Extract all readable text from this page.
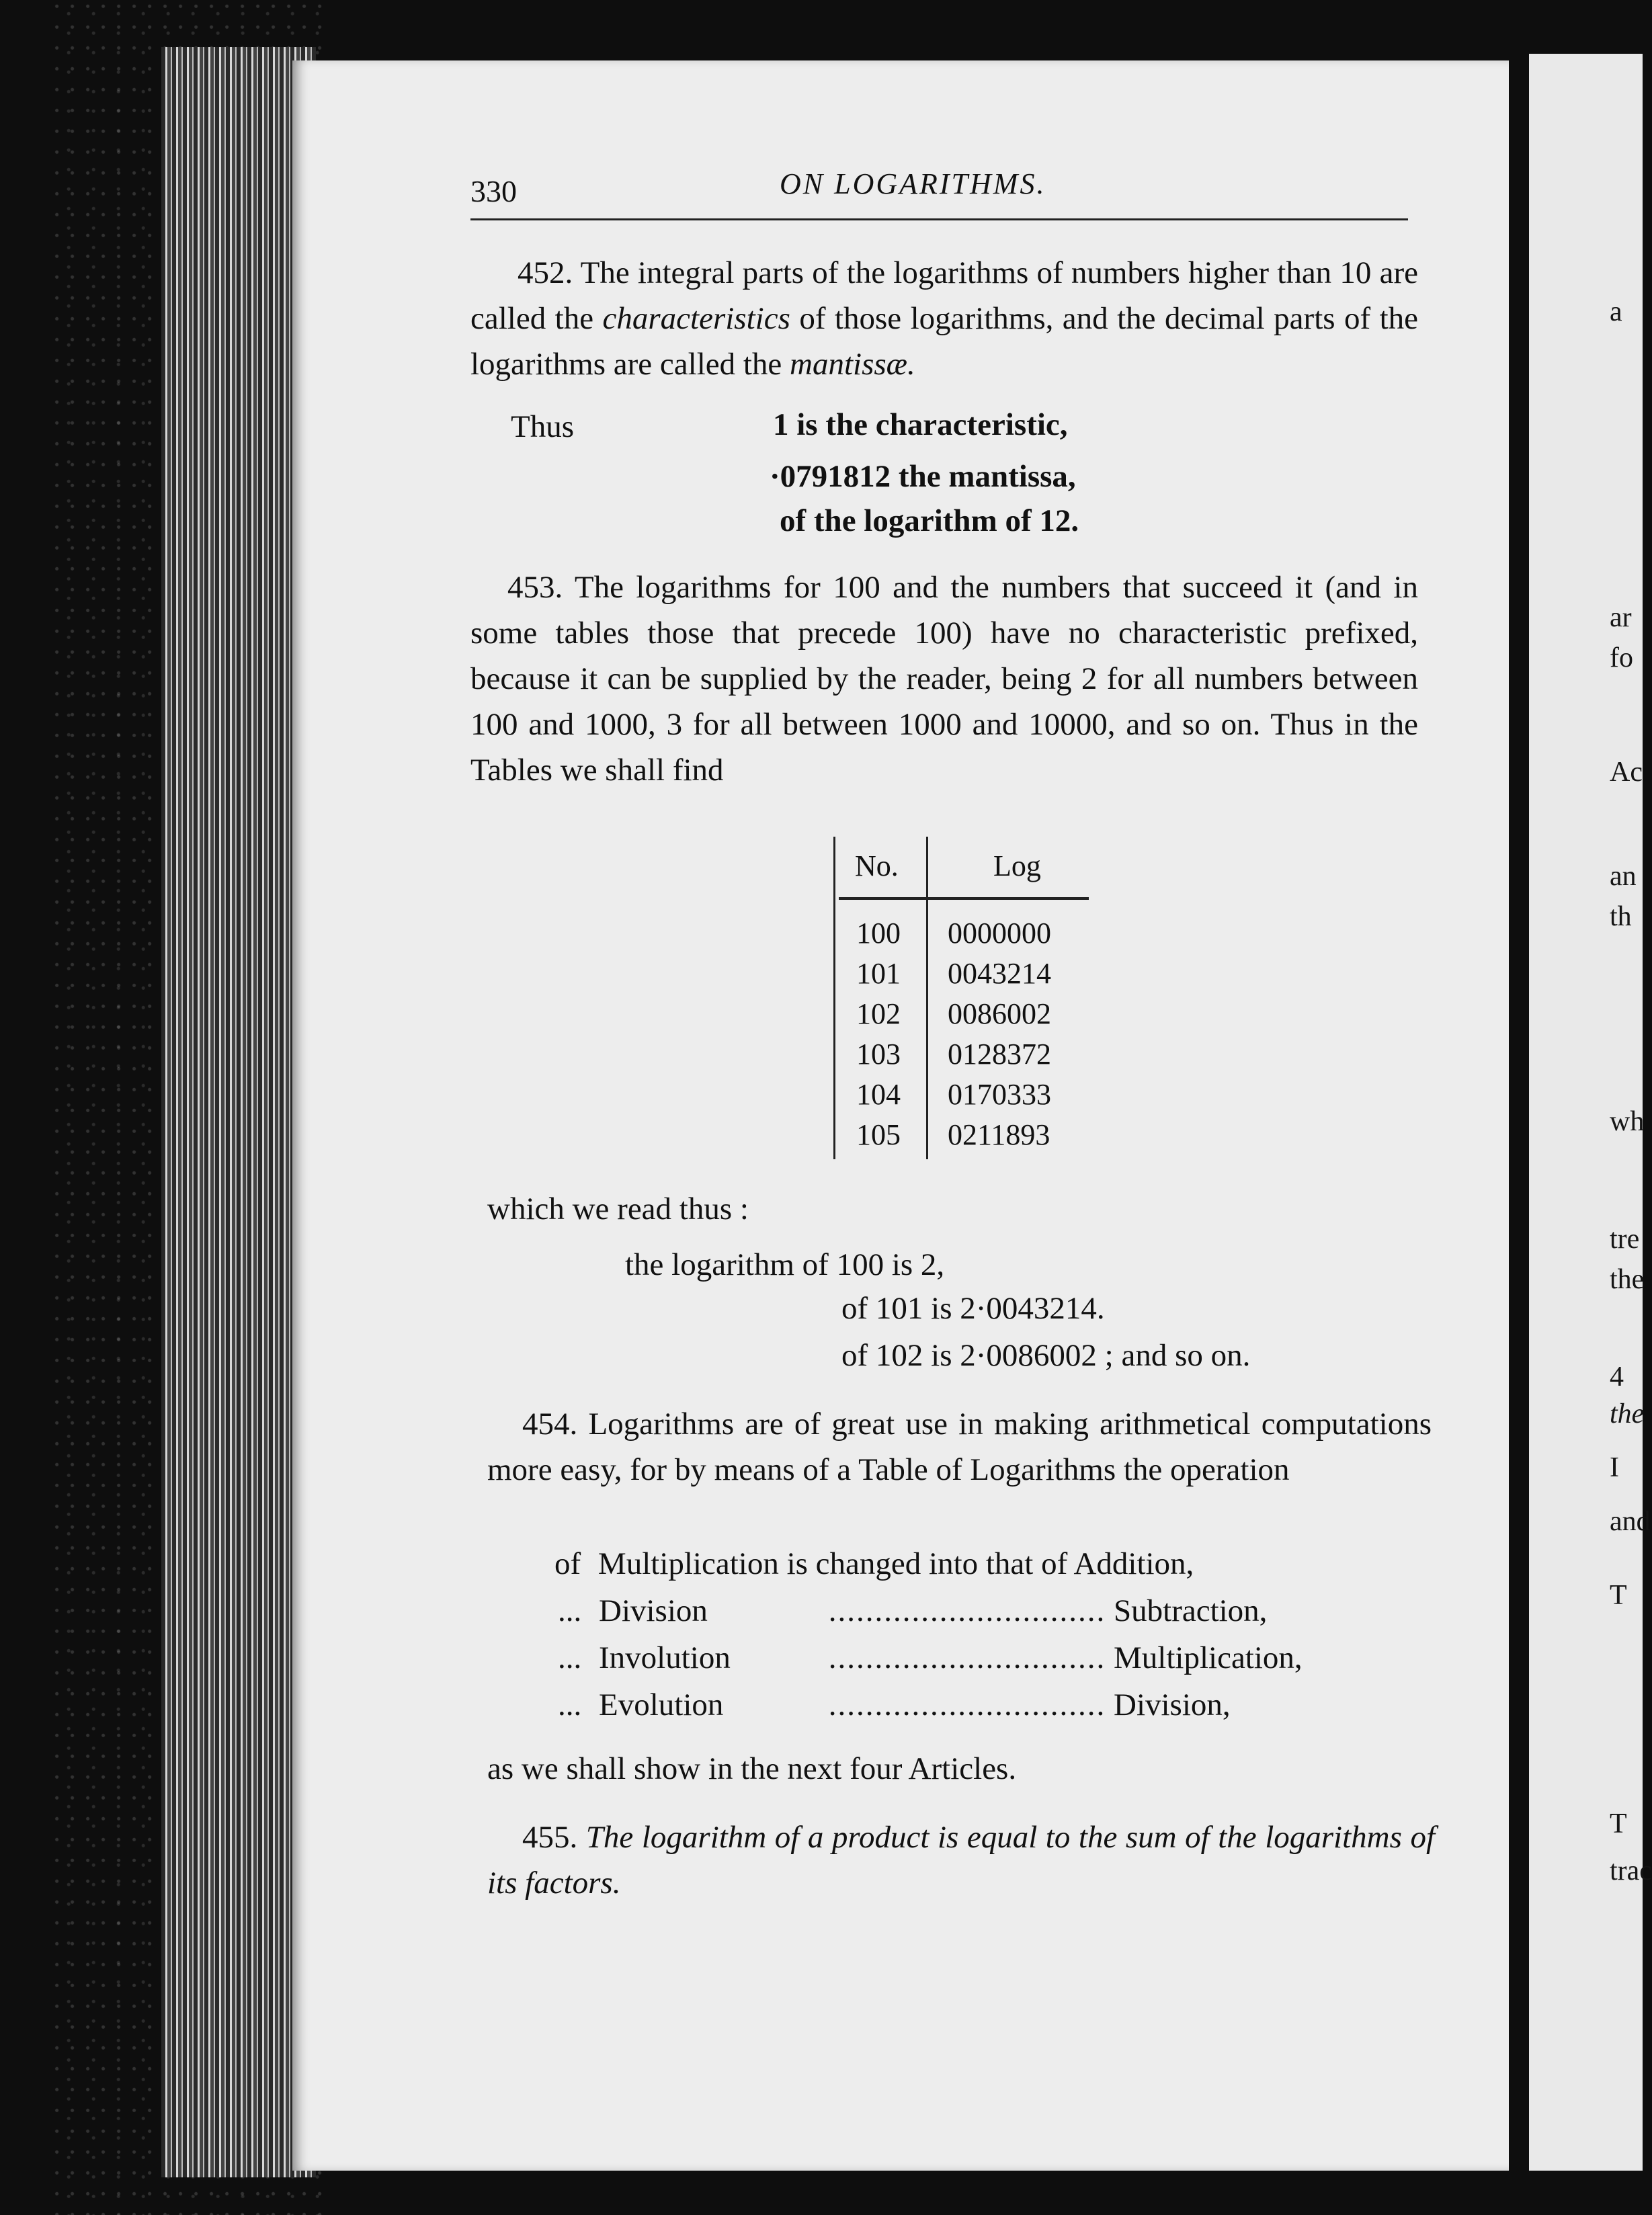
a
ar
fo
Ac
an
th
wh
tre
the
4
the
I
and
T
T
trac
330	ON LOGARITHMS.
452. The integral parts of the logarithms of numbers higher than 10 are called the characteristics of those logarithms, and the decimal parts of the logarithms are called the mantissæ.
Thus	1 is the characteristic,
·0791812 the mantissa,
of the logarithm of 12.
453. The logarithms for 100 and the numbers that succeed it (and in some tables those that precede 100) have no characteristic prefixed, because it can be supplied by the reader, being 2 for all numbers between 100 and 1000, 3 for all between 1000 and 10000, and so on. Thus in the Tables we shall find
No.	Log
100 0000000
101 0043214
102 0086002
103 0128372
104 0170333
105 0211893
which we read thus :
the logarithm of 100 is 2,
of 101 is 2·0043214.
of 102 is 2·0086002 ; and so on.
454. Logarithms are of great use in making arithmetical computations more easy, for by means of a Table of Logarithms the operation
of Multiplication is changed into that of Addition,
... Division	.............................. Subtraction,
... Involution	.............................. Multiplication,
... Evolution	.............................. Division,
as we shall show in the next four Articles.
455. The logarithm of a product is equal to the sum of the logarithms of its factors.
